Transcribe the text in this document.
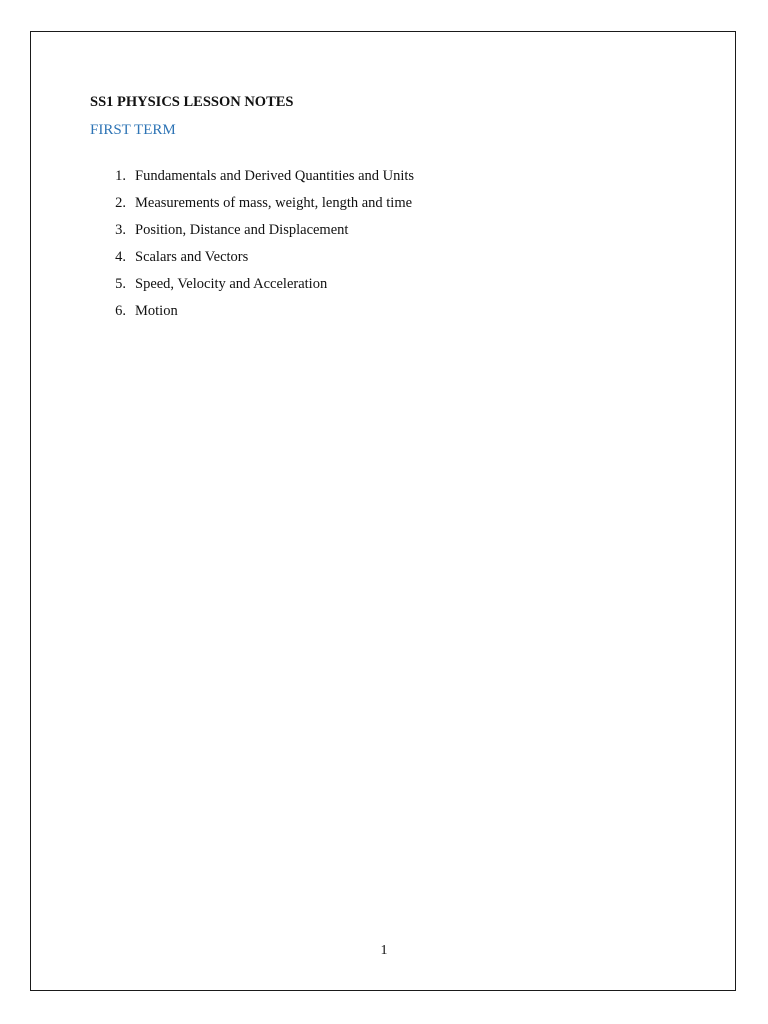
SS1 PHYSICS LESSON NOTES
FIRST TERM
1. Fundamentals and Derived Quantities and Units
2. Measurements of mass, weight, length and time
3. Position, Distance and Displacement
4. Scalars and Vectors
5. Speed, Velocity and Acceleration
6. Motion
1
